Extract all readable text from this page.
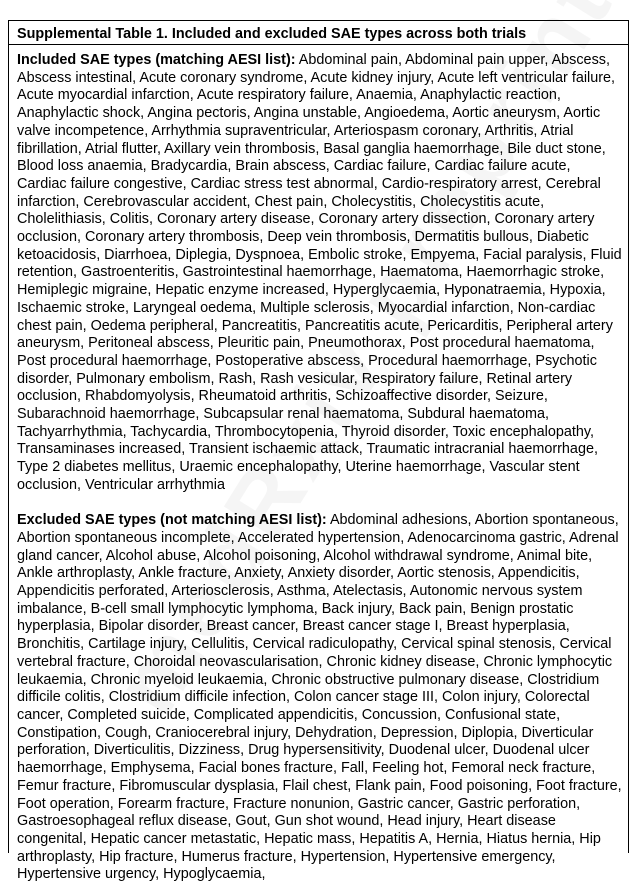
Supplemental Table 1. Included and excluded SAE types across both trials

Included SAE types (matching AESI list): Abdominal pain, Abdominal pain upper, Abscess, Abscess intestinal, Acute coronary syndrome, Acute kidney injury, Acute left ventricular failure, Acute myocardial infarction, Acute respiratory failure, Anaemia, Anaphylactic reaction, Anaphylactic shock, Angina pectoris, Angina unstable, Angioedema, Aortic aneurysm, Aortic valve incompetence, Arrhythmia supraventricular, Arteriospasm coronary, Arthritis, Atrial fibrillation, Atrial flutter, Axillary vein thrombosis, Basal ganglia haemorrhage, Bile duct stone, Blood loss anaemia, Bradycardia, Brain abscess, Cardiac failure, Cardiac failure acute, Cardiac failure congestive, Cardiac stress test abnormal, Cardio-respiratory arrest, Cerebral infarction, Cerebrovascular accident, Chest pain, Cholecystitis, Cholecystitis acute, Cholelithiasis, Colitis, Coronary artery disease, Coronary artery dissection, Coronary artery occlusion, Coronary artery thrombosis, Deep vein thrombosis, Dermatitis bullous, Diabetic ketoacidosis, Diarrhoea, Diplegia, Dyspnoea, Embolic stroke, Empyema, Facial paralysis, Fluid retention, Gastroenteritis, Gastrointestinal haemorrhage, Haematoma, Haemorrhagic stroke, Hemiplegic migraine, Hepatic enzyme increased, Hyperglycaemia, Hyponatraemia, Hypoxia, Ischaemic stroke, Laryngeal oedema, Multiple sclerosis, Myocardial infarction, Non-cardiac chest pain, Oedema peripheral, Pancreatitis, Pancreatitis acute, Pericarditis, Peripheral artery aneurysm, Peritoneal abscess, Pleuritic pain, Pneumothorax, Post procedural haematoma, Post procedural haemorrhage, Postoperative abscess, Procedural haemorrhage, Psychotic disorder, Pulmonary embolism, Rash, Rash vesicular, Respiratory failure, Retinal artery occlusion, Rhabdomyolysis, Rheumatoid arthritis, Schizoaffective disorder, Seizure, Subarachnoid haemorrhage, Subcapsular renal haematoma, Subdural haematoma, Tachyarrhythmia, Tachycardia, Thrombocytopenia, Thyroid disorder, Toxic encephalopathy, Transaminases increased, Transient ischaemic attack, Traumatic intracranial haemorrhage, Type 2 diabetes mellitus, Uraemic encephalopathy, Uterine haemorrhage, Vascular stent occlusion, Ventricular arrhythmia

Excluded SAE types (not matching AESI list): Abdominal adhesions, Abortion spontaneous, Abortion spontaneous incomplete, Accelerated hypertension, Adenocarcinoma gastric, Adrenal gland cancer, Alcohol abuse, Alcohol poisoning, Alcohol withdrawal syndrome, Animal bite, Ankle arthroplasty, Ankle fracture, Anxiety, Anxiety disorder, Aortic stenosis, Appendicitis, Appendicitis perforated, Arteriosclerosis, Asthma, Atelectasis, Autonomic nervous system imbalance, B-cell small lymphocytic lymphoma, Back injury, Back pain, Benign prostatic hyperplasia, Bipolar disorder, Breast cancer, Breast cancer stage I, Breast hyperplasia, Bronchitis, Cartilage injury, Cellulitis, Cervical radiculopathy, Cervical spinal stenosis, Cervical vertebral fracture, Choroidal neovascularisation, Chronic kidney disease, Chronic lymphocytic leukaemia, Chronic myeloid leukaemia, Chronic obstructive pulmonary disease, Clostridium difficile colitis, Clostridium difficile infection, Colon cancer stage III, Colon injury, Colorectal cancer, Completed suicide, Complicated appendicitis, Concussion, Confusional state, Constipation, Cough, Craniocerebral injury, Dehydration, Depression, Diplopia, Diverticular perforation, Diverticulitis, Dizziness, Drug hypersensitivity, Duodenal ulcer, Duodenal ulcer haemorrhage, Emphysema, Facial bones fracture, Fall, Feeling hot, Femoral neck fracture, Femur fracture, Fibromuscular dysplasia, Flail chest, Flank pain, Food poisoning, Foot fracture, Foot operation, Forearm fracture, Fracture nonunion, Gastric cancer, Gastric perforation, Gastroesophageal reflux disease, Gout, Gun shot wound, Head injury, Heart disease congenital, Hepatic cancer metastatic, Hepatic mass, Hepatitis A, Hernia, Hiatus hernia, Hip arthroplasty, Hip fracture, Humerus fracture, Hypertension, Hypertensive emergency, Hypertensive urgency, Hypoglycaemia,
